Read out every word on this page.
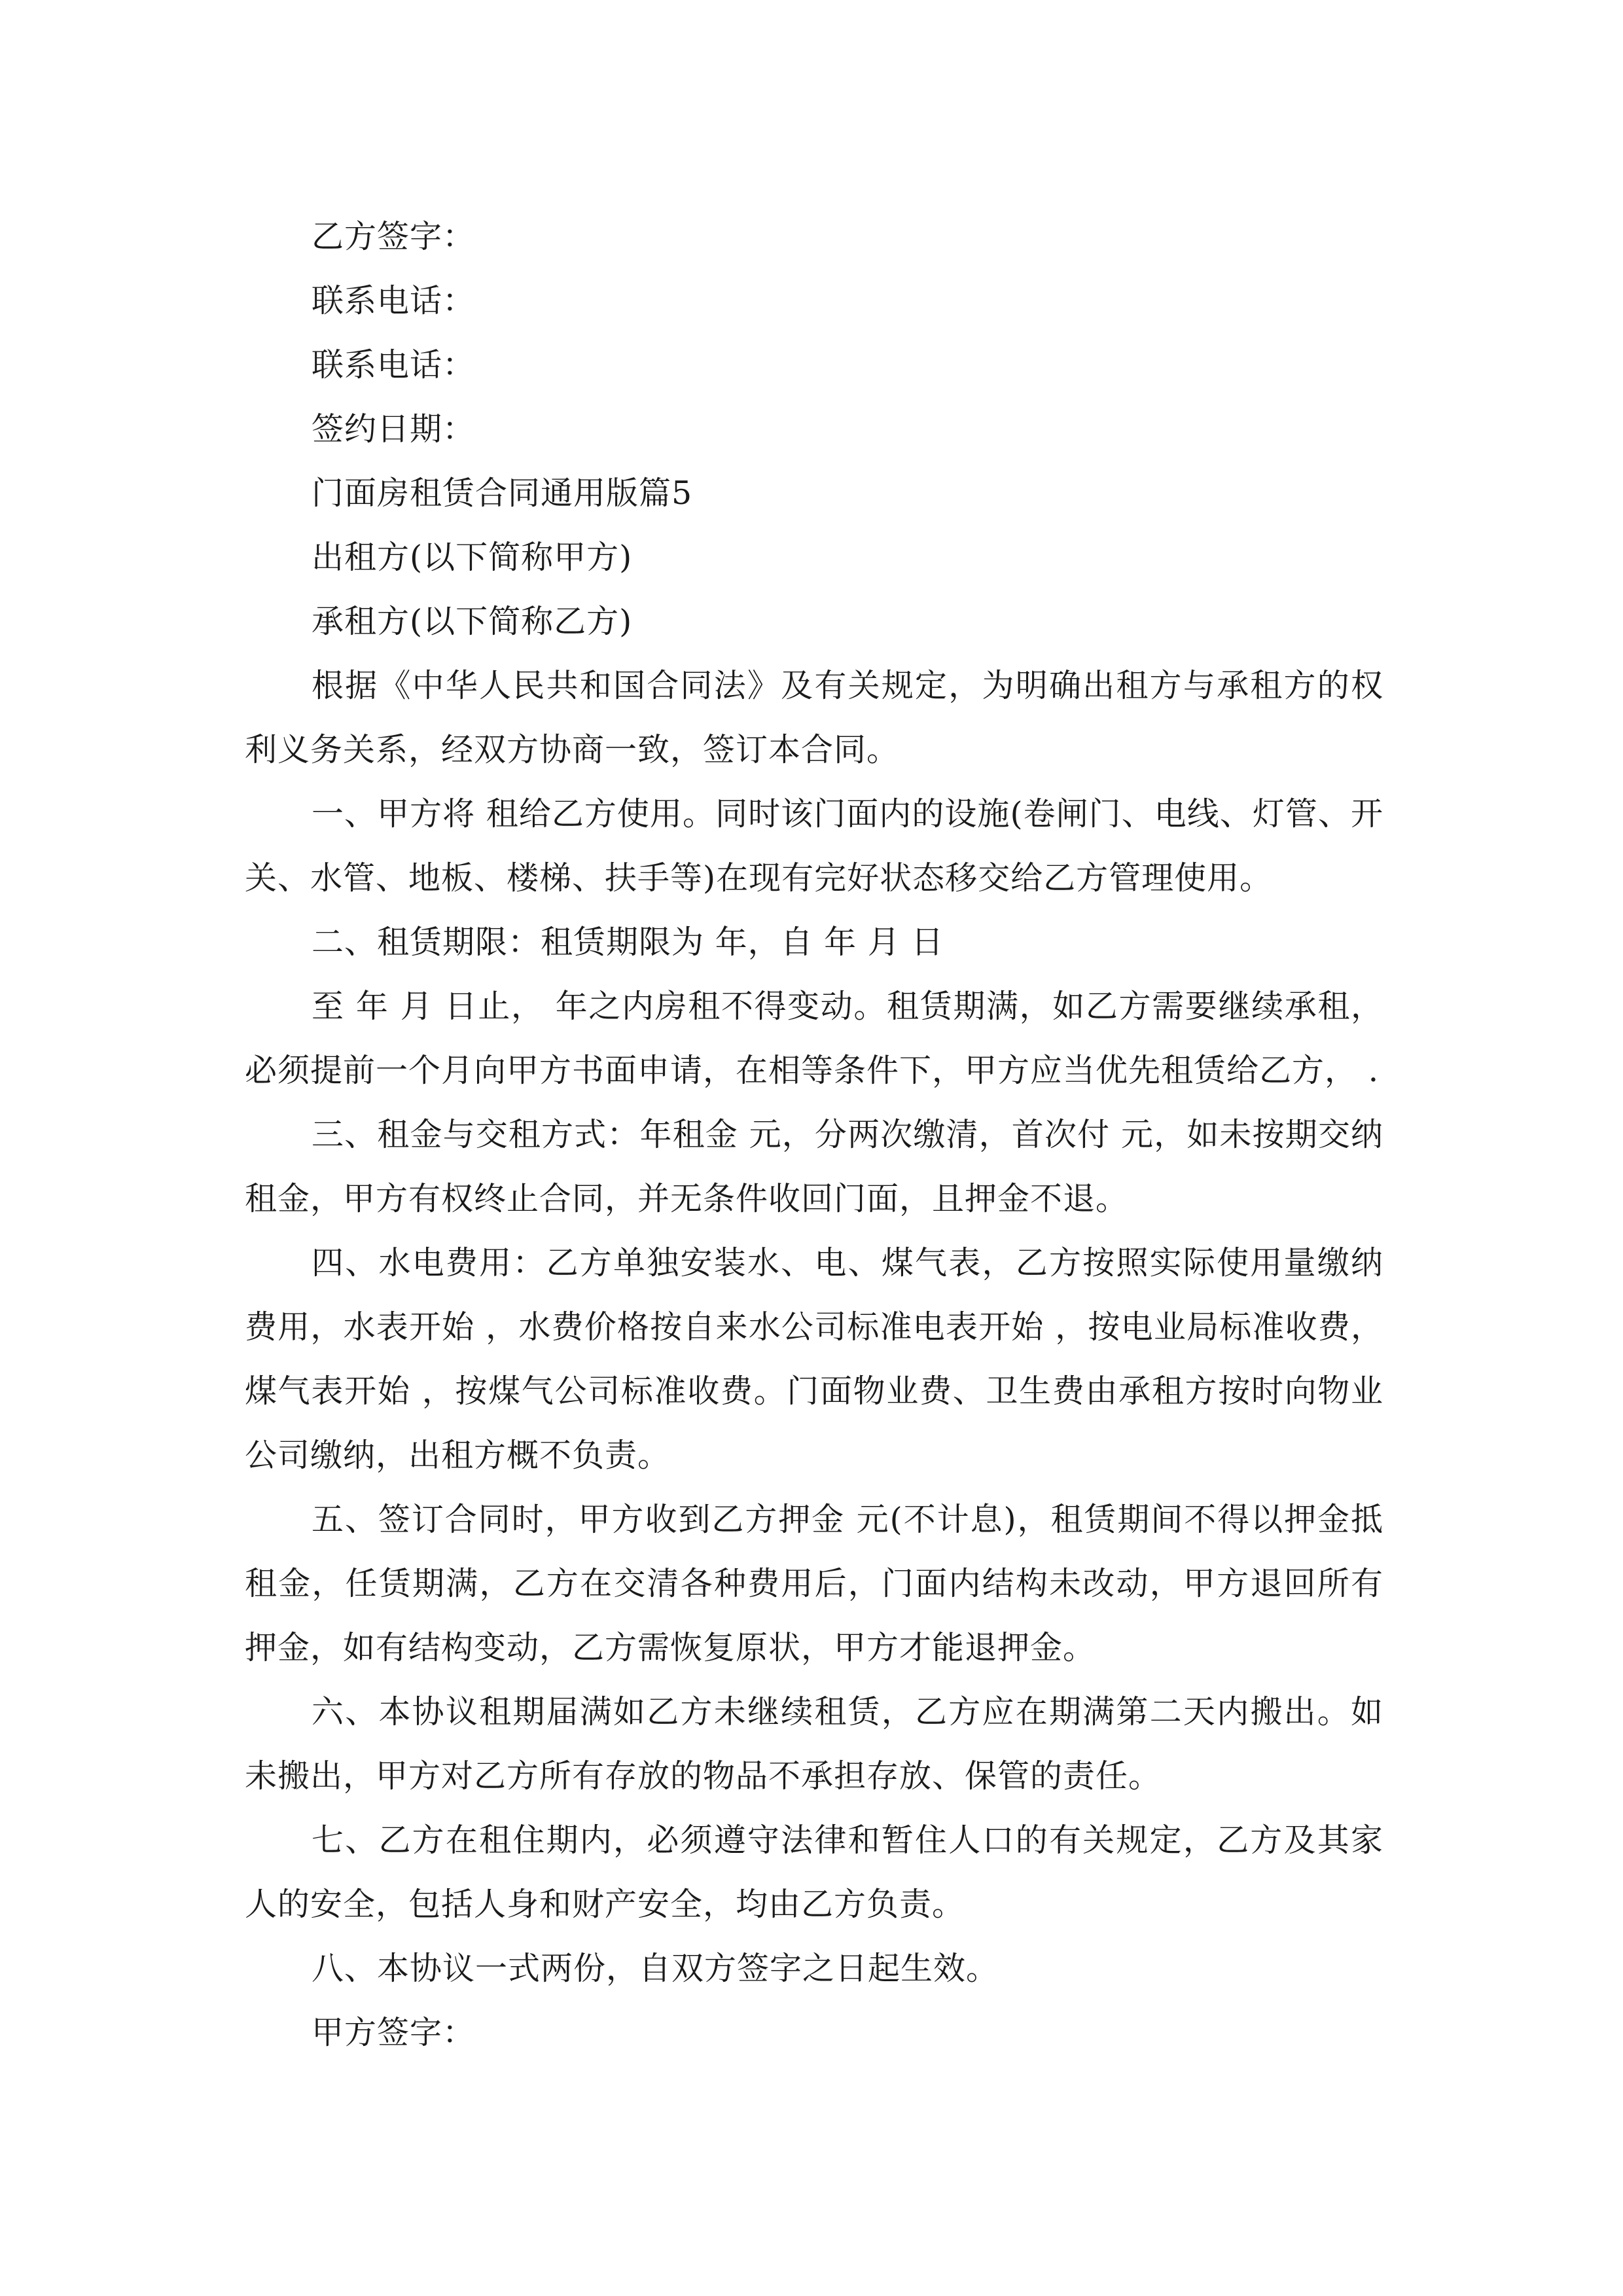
乙方签字：

联系电话：

联系电话：

签约日期：

门面房租赁合同通用版篇5

出租方(以下简称甲方)

承租方(以下简称乙方)

根据《中华人民共和国合同法》及有关规定，为明确出租方与承租方的权利义务关系，经双方协商一致，签订本合同。

一、甲方将 租给乙方使用。同时该门面内的设施(卷闸门、电线、灯管、开关、水管、地板、楼梯、扶手等)在现有完好状态移交给乙方管理使用。

二、租赁期限：租赁期限为 年，自 年 月 日

至 年 月 日止， 年之内房租不得变动。租赁期满，如乙方需要继续承租，必须提前一个月向甲方书面申请，在相等条件下，甲方应当优先租赁给乙方， .

三、租金与交租方式：年租金 元，分两次缴清，首次付 元，如未按期交纳租金，甲方有权终止合同，并无条件收回门面，且押金不退。

四、水电费用：乙方单独安装水、电、煤气表，乙方按照实际使用量缴纳费用，水表开始 ，水费价格按自来水公司标准电表开始 ，按电业局标准收费，煤气表开始 ，按煤气公司标准收费。门面物业费、卫生费由承租方按时向物业公司缴纳，出租方概不负责。

五、签订合同时，甲方收到乙方押金 元(不计息)，租赁期间不得以押金抵租金，任赁期满，乙方在交清各种费用后，门面内结构未改动，甲方退回所有押金，如有结构变动，乙方需恢复原状，甲方才能退押金。

六、本协议租期届满如乙方未继续租赁，乙方应在期满第二天内搬出。如未搬出，甲方对乙方所有存放的物品不承担存放、保管的责任。

七、乙方在租住期内，必须遵守法律和暂住人口的有关规定，乙方及其家人的安全，包括人身和财产安全，均由乙方负责。

八、本协议一式两份，自双方签字之日起生效。

甲方签字：
